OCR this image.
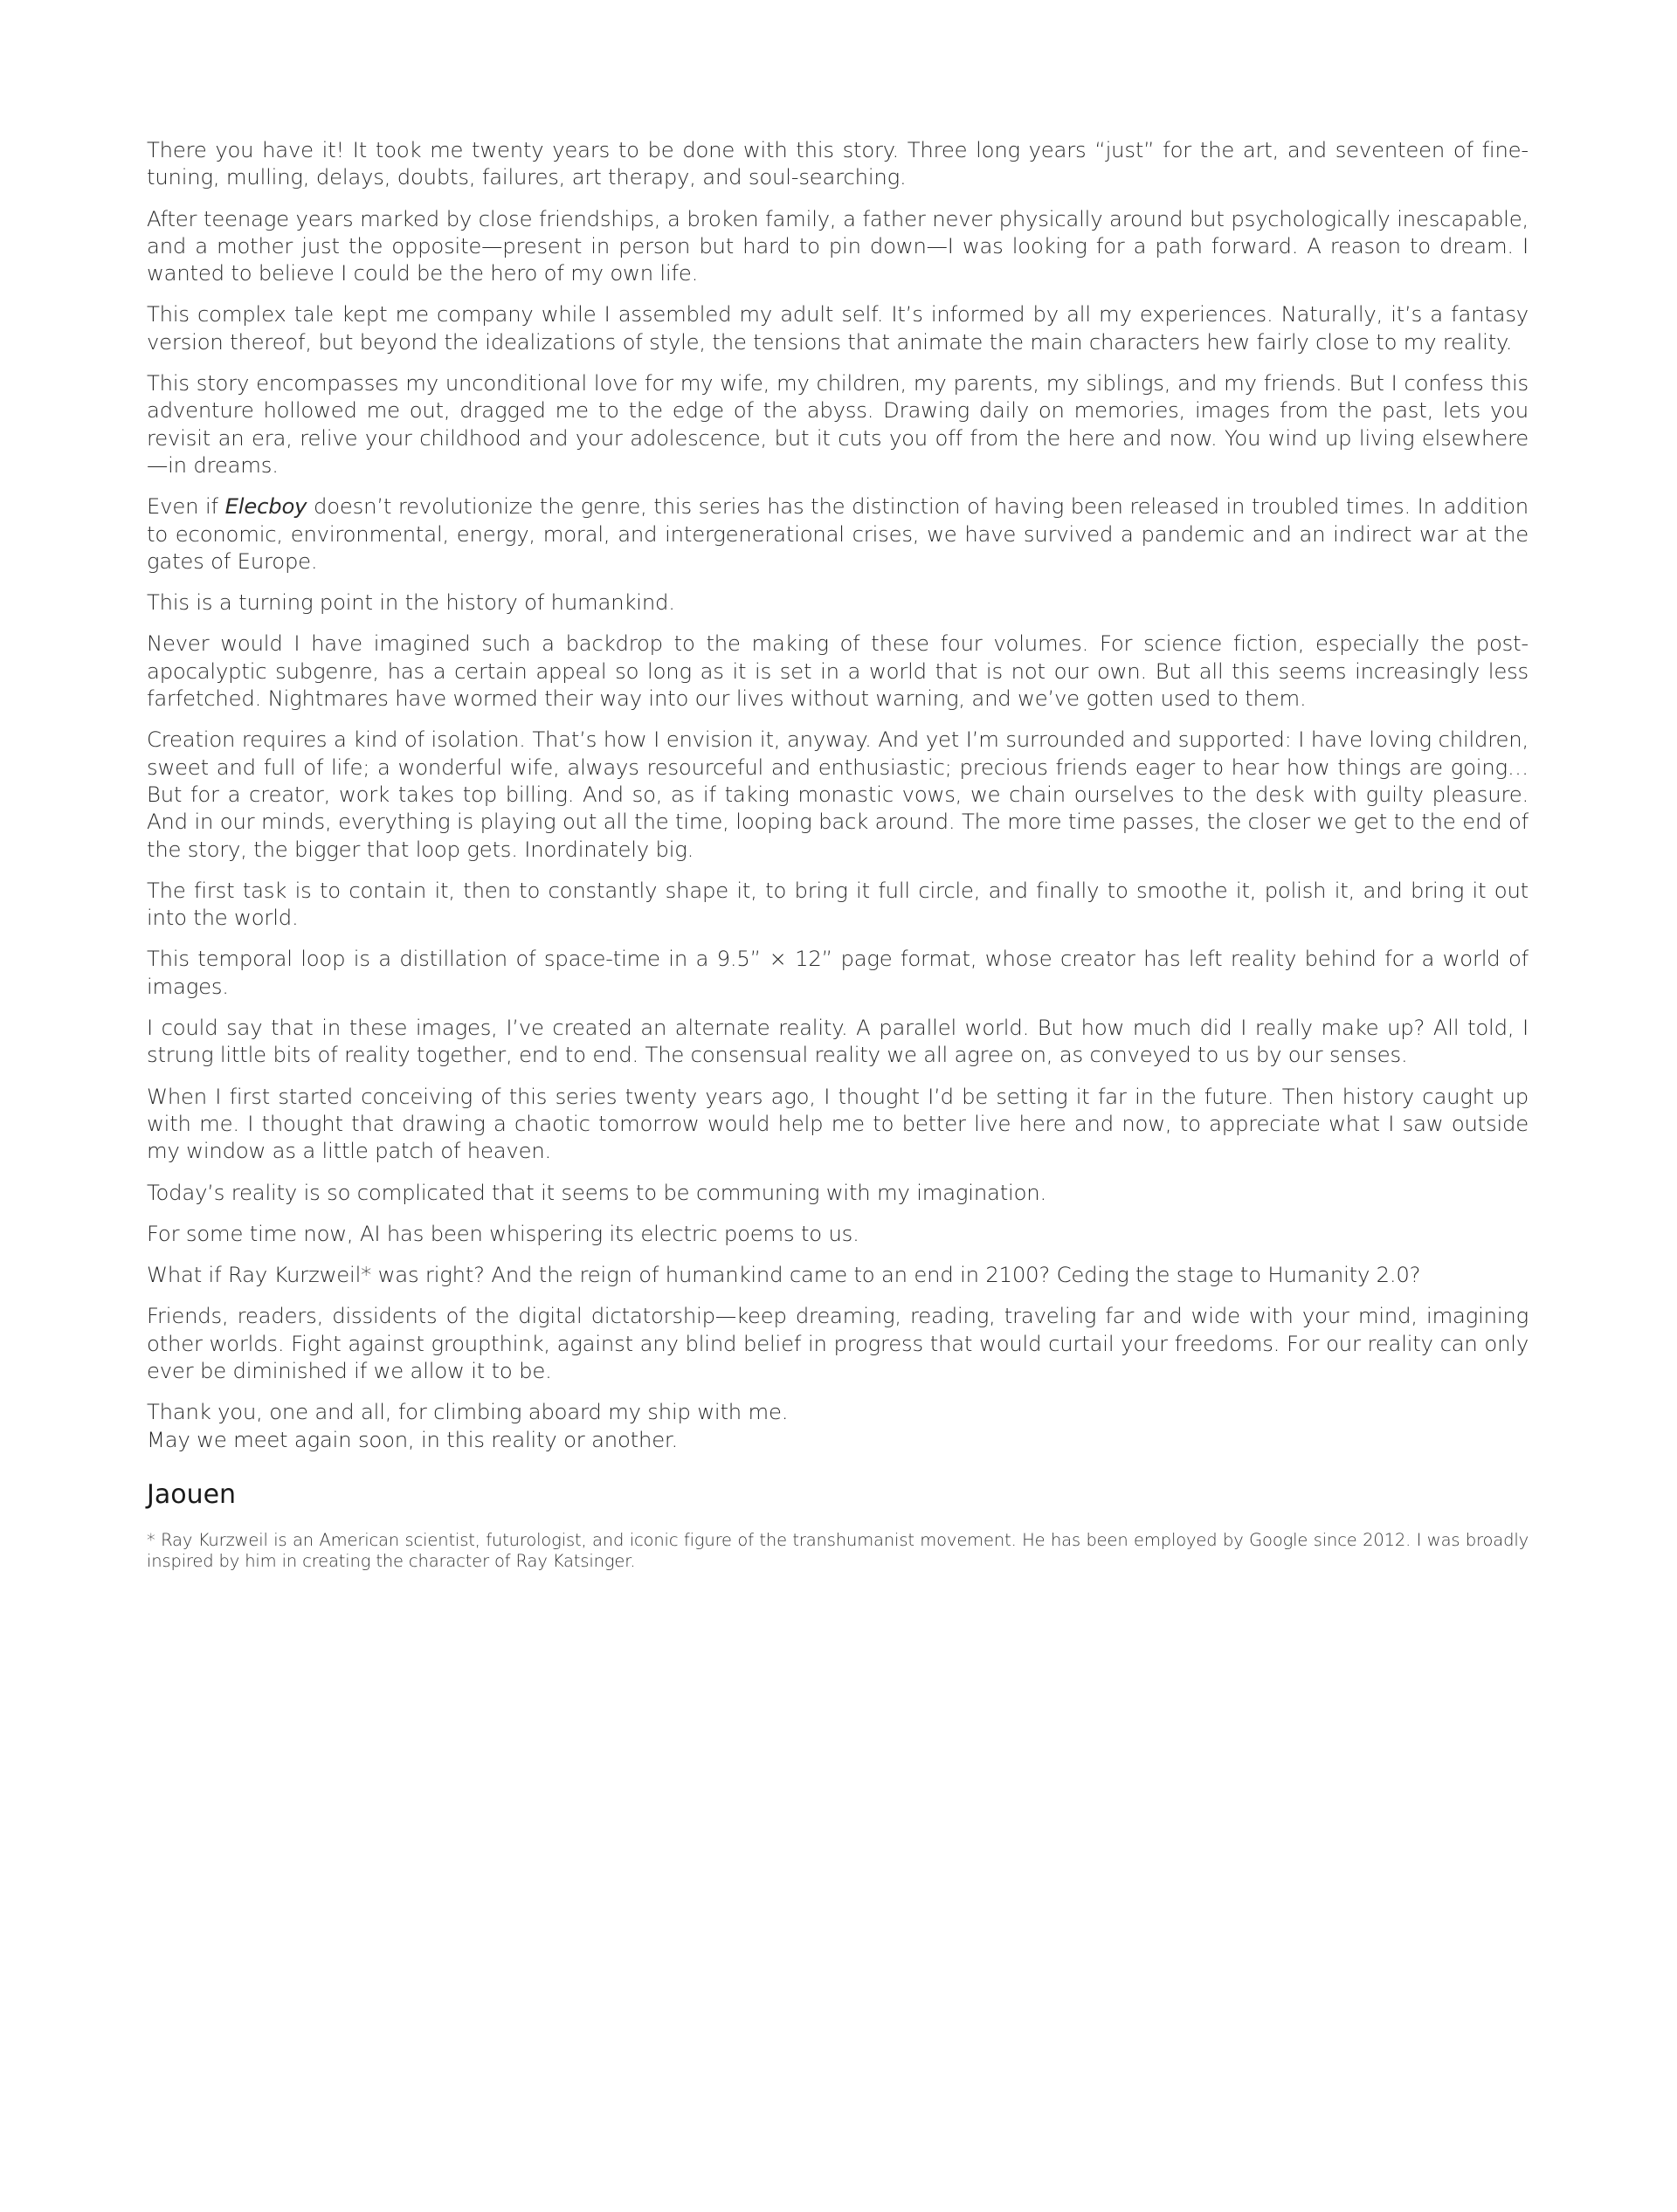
There you have it! It took me twenty years to be done with this story. Three long years “just” for the art, and seventeen of fine-tuning, mulling, delays, doubts, failures, art therapy, and soul-searching.

After teenage years marked by close friendships, a broken family, a father never physically around but psychologically inescapable, and a mother just the opposite—present in person but hard to pin down—I was looking for a path forward. A reason to dream. I wanted to believe I could be the hero of my own life.

This complex tale kept me company while I assembled my adult self. It’s informed by all my experiences. Naturally, it’s a fantasy version thereof, but beyond the idealizations of style, the tensions that animate the main characters hew fairly close to my reality.

This story encompasses my unconditional love for my wife, my children, my parents, my siblings, and my friends. But I confess this adventure hollowed me out, dragged me to the edge of the abyss. Drawing daily on memories, images from the past, lets you revisit an era, relive your childhood and your adolescence, but it cuts you off from the here and now. You wind up living elsewhere—in dreams.

Even if Elecboy doesn’t revolutionize the genre, this series has the distinction of having been released in troubled times. In addition to economic, environmental, energy, moral, and intergenerational crises, we have survived a pandemic and an indirect war at the gates of Europe.

This is a turning point in the history of humankind.

Never would I have imagined such a backdrop to the making of these four volumes. For science fiction, especially the post-apocalyptic subgenre, has a certain appeal so long as it is set in a world that is not our own. But all this seems increasingly less farfetched. Nightmares have wormed their way into our lives without warning, and we’ve gotten used to them.

Creation requires a kind of isolation. That’s how I envision it, anyway. And yet I’m surrounded and supported: I have loving children, sweet and full of life; a wonderful wife, always resourceful and enthusiastic; precious friends eager to hear how things are going… But for a creator, work takes top billing. And so, as if taking monastic vows, we chain ourselves to the desk with guilty pleasure. And in our minds, everything is playing out all the time, looping back around. The more time passes, the closer we get to the end of the story, the bigger that loop gets. Inordinately big.

The first task is to contain it, then to constantly shape it, to bring it full circle, and finally to smoothe it, polish it, and bring it out into the world.

This temporal loop is a distillation of space-time in a 9.5” × 12” page format, whose creator has left reality behind for a world of images.

I could say that in these images, I’ve created an alternate reality. A parallel world. But how much did I really make up? All told, I strung little bits of reality together, end to end. The consensual reality we all agree on, as conveyed to us by our senses.

When I first started conceiving of this series twenty years ago, I thought I’d be setting it far in the future. Then history caught up with me. I thought that drawing a chaotic tomorrow would help me to better live here and now, to appreciate what I saw outside my window as a little patch of heaven.

Today’s reality is so complicated that it seems to be communing with my imagination.

For some time now, AI has been whispering its electric poems to us.

What if Ray Kurzweil* was right? And the reign of humankind came to an end in 2100? Ceding the stage to Humanity 2.0?

Friends, readers, dissidents of the digital dictatorship—keep dreaming, reading, traveling far and wide with your mind, imagining other worlds. Fight against groupthink, against any blind belief in progress that would curtail your freedoms. For our reality can only ever be diminished if we allow it to be.

Thank you, one and all, for climbing aboard my ship with me.
May we meet again soon, in this reality or another.

Jaouen

* Ray Kurzweil is an American scientist, futurologist, and iconic figure of the transhumanist movement. He has been employed by Google since 2012. I was broadly inspired by him in creating the character of Ray Katsinger.
